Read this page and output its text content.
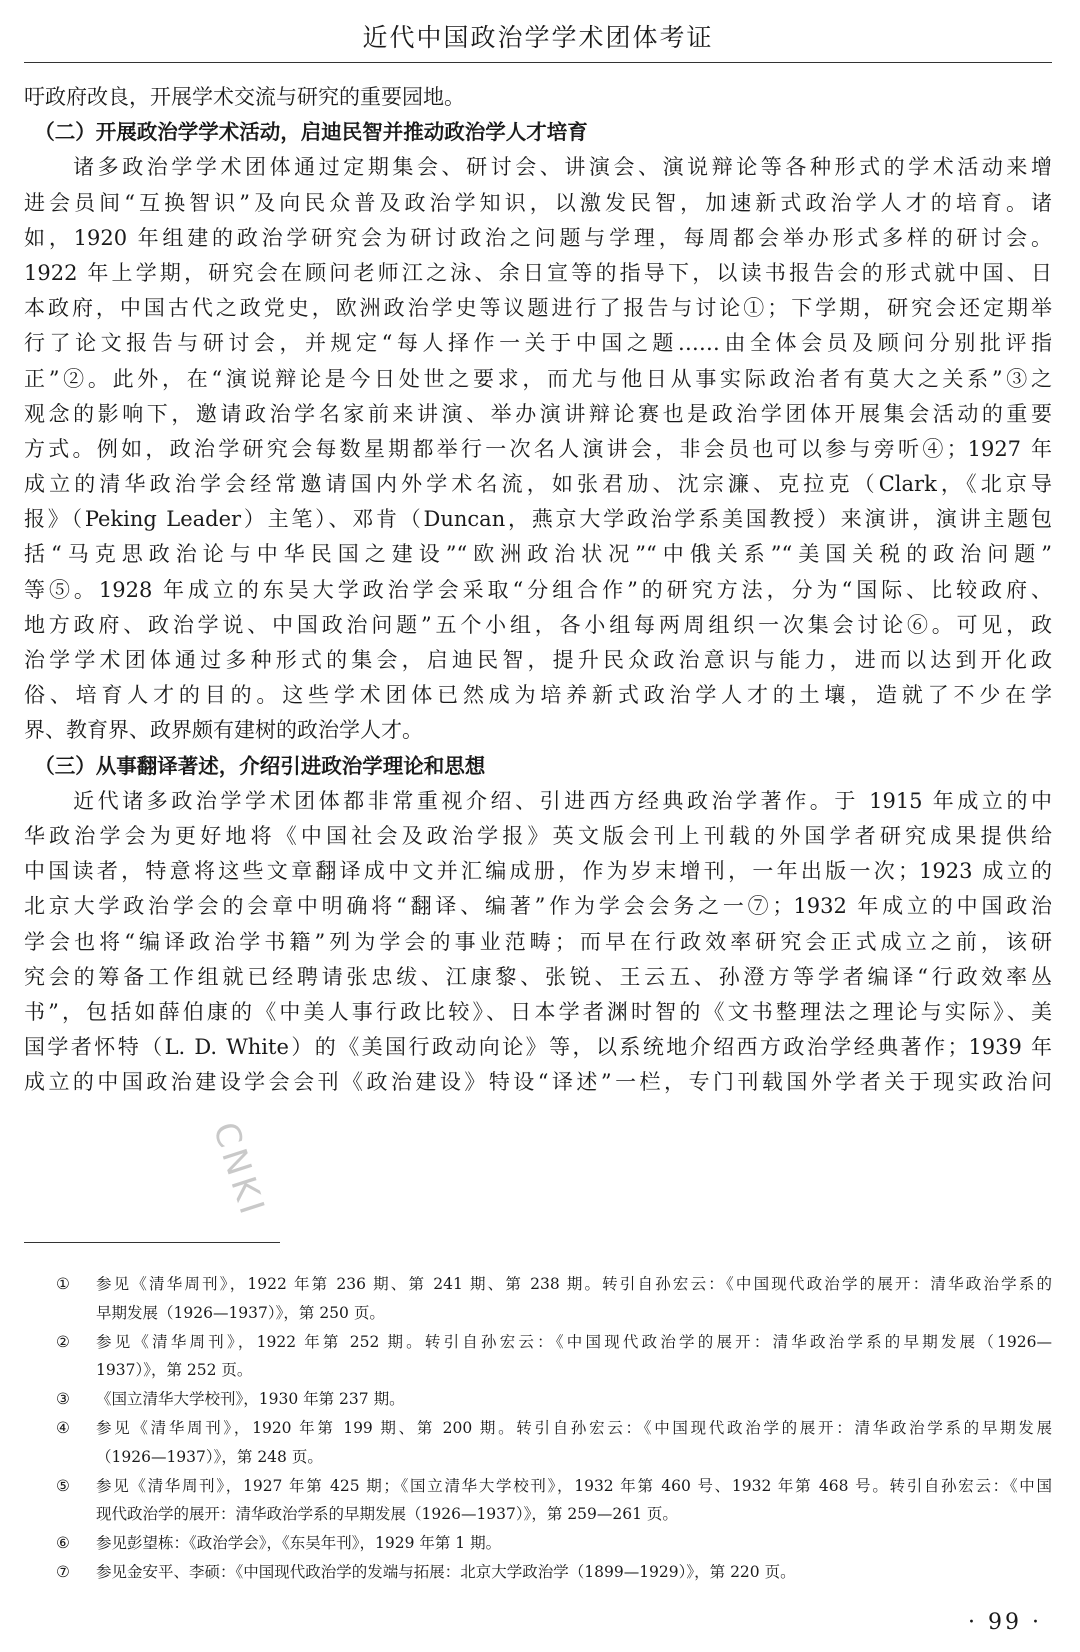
近代中国政治学学术团体考证
吁政府改良，开展学术交流与研究的重要园地。
　（二）开展政治学学术活动，启迪民智并推动政治学人才培育
　　诸多政治学学术团体通过定期集会、研讨会、讲演会、演说辩论等各种形式的学术活动来增
进会员间“互换智识”及向民众普及政治学知识，以激发民智，加速新式政治学人才的培育。诸
如，1920 年组建的政治学研究会为研讨政治之问题与学理，每周都会举办形式多样的研讨会。
1922 年上学期，研究会在顾问老师江之泳、余日宣等的指导下，以读书报告会的形式就中国、日
本政府，中国古代之政党史，欧洲政治学史等议题进行了报告与讨论①；下学期，研究会还定期举
行了论文报告与研讨会，并规定“每人择作一关于中国之题……由全体会员及顾问分别批评指
正”②。此外，在“演说辩论是今日处世之要求，而尤与他日从事实际政治者有莫大之关系”③之
观念的影响下，邀请政治学名家前来讲演、举办演讲辩论赛也是政治学团体开展集会活动的重要
方式。例如，政治学研究会每数星期都举行一次名人演讲会，非会员也可以参与旁听④；1927 年
成立的清华政治学会经常邀请国内外学术名流，如张君劢、沈宗濂、克拉克（Clark，《北京导
报》（Peking Leader）主笔）、邓肯（Duncan，燕京大学政治学系美国教授）来演讲，演讲主题包
括“马克思政治论与中华民国之建设”“欧洲政治状况”“中俄关系”“美国关税的政治问题”
等⑤。1928 年成立的东吴大学政治学会采取“分组合作”的研究方法，分为“国际、比较政府、
地方政府、政治学说、中国政治问题”五个小组，各小组每两周组织一次集会讨论⑥。可见，政
治学学术团体通过多种形式的集会，启迪民智，提升民众政治意识与能力，进而以达到开化政
俗、培育人才的目的。这些学术团体已然成为培养新式政治学人才的土壤，造就了不少在学
界、教育界、政界颇有建树的政治学人才。
　（三）从事翻译著述，介绍引进政治学理论和思想
　　近代诸多政治学学术团体都非常重视介绍、引进西方经典政治学著作。于 1915 年成立的中
华政治学会为更好地将《中国社会及政治学报》英文版会刊上刊载的外国学者研究成果提供给
中国读者，特意将这些文章翻译成中文并汇编成册，作为岁末增刊，一年出版一次；1923 成立的
北京大学政治学会的会章中明确将“翻译、编著”作为学会会务之一⑦；1932 年成立的中国政治
学会也将“编译政治学书籍”列为学会的事业范畴；而早在行政效率研究会正式成立之前，该研
究会的筹备工作组就已经聘请张忠绂、江康黎、张锐、王云五、孙澄方等学者编译“行政效率丛
书”，包括如薛伯康的《中美人事行政比较》、日本学者渊时智的《文书整理法之理论与实际》、美
国学者怀特（L. D. White）的《美国行政动向论》等，以系统地介绍西方政治学经典著作；1939 年
成立的中国政治建设学会会刊《政治建设》特设“译述”一栏，专门刊载国外学者关于现实政治问
①	参见《清华周刊》，1922 年第 236 期、第 241 期、第 238 期。转引自孙宏云：《中国现代政治学的展开：清华政治学系的
早期发展（1926—1937）》，第 250 页。
②	参见《清华周刊》，1922 年第 252 期。转引自孙宏云：《中国现代政治学的展开：清华政治学系的早期发展（1926—
1937）》，第 252 页。
③	《国立清华大学校刊》，1930 年第 237 期。
④	参见《清华周刊》，1920 年第 199 期、第 200 期。转引自孙宏云：《中国现代政治学的展开：清华政治学系的早期发展
（1926—1937）》，第 248 页。
⑤	参见《清华周刊》，1927 年第 425 期；《国立清华大学校刊》，1932 年第 460 号、1932 年第 468 号。转引自孙宏云：《中国
现代政治学的展开：清华政治学系的早期发展（1926—1937）》，第 259—261 页。
⑥	参见彭望栋：《政治学会》，《东吴年刊》，1929 年第 1 期。
⑦	参见金安平、李硕：《中国现代政治学的发端与拓展：北京大学政治学（1899—1929）》，第 220 页。
CNKI
· 99 ·
